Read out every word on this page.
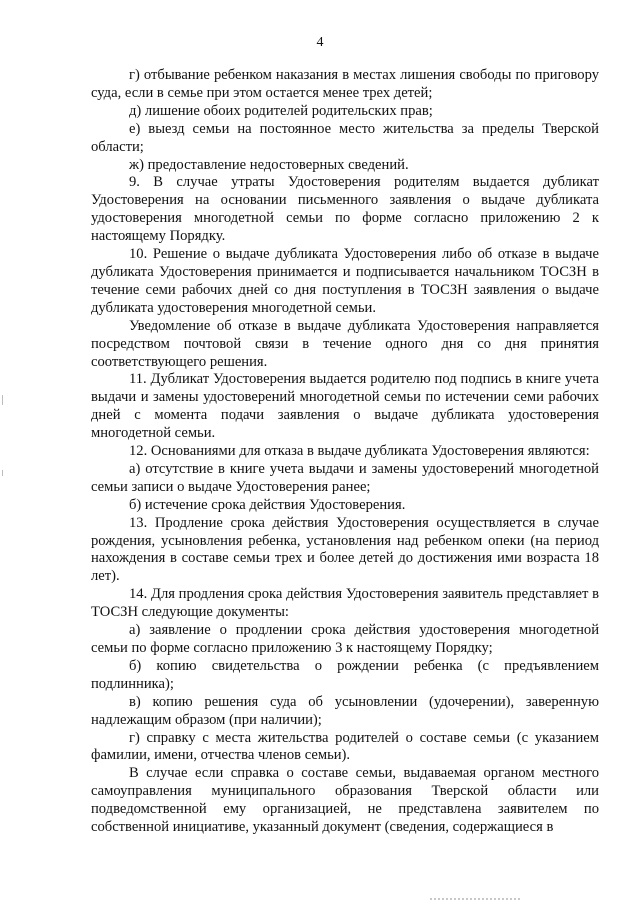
4

г) отбывание ребенком наказания в местах лишения свободы по приговору суда, если в семье при этом остается менее трех детей;

д) лишение обоих родителей родительских прав;

е) выезд семьи на постоянное место жительства за пределы Тверской области;

ж) предоставление недостоверных сведений.

9. В случае утраты Удостоверения родителям выдается дубликат Удостоверения на основании письменного заявления о выдаче дубликата удостоверения многодетной семьи по форме согласно приложению 2 к настоящему Порядку.

10. Решение о выдаче дубликата Удостоверения либо об отказе в выдаче дубликата Удостоверения принимается и подписывается начальником ТОСЗН в течение семи рабочих дней со дня поступления в ТОСЗН заявления о выдаче дубликата удостоверения многодетной семьи.

Уведомление об отказе в выдаче дубликата Удостоверения направляется посредством почтовой связи в течение одного дня со дня принятия соответствующего решения.

11. Дубликат Удостоверения выдается родителю под подпись в книге учета выдачи и замены удостоверений многодетной семьи по истечении семи рабочих дней с момента подачи заявления о выдаче дубликата удостоверения многодетной семьи.

12. Основаниями для отказа в выдаче дубликата Удостоверения являются:

а) отсутствие в книге учета выдачи и замены удостоверений многодетной семьи записи о выдаче Удостоверения ранее;

б) истечение срока действия Удостоверения.

13. Продление срока действия Удостоверения осуществляется в случае рождения, усыновления ребенка, установления над ребенком опеки (на период нахождения в составе семьи трех и более детей до достижения ими возраста 18 лет).

14. Для продления срока действия Удостоверения заявитель представляет в ТОСЗН следующие документы:

а) заявление о продлении срока действия удостоверения многодетной семьи по форме согласно приложению 3 к настоящему Порядку;

б) копию свидетельства о рождении ребенка (с предъявлением подлинника);

в) копию решения суда об усыновлении (удочерении), заверенную надлежащим образом (при наличии);

г) справку с места жительства родителей о составе семьи (с указанием фамилии, имени, отчества членов семьи).

В случае если справка о составе семьи, выдаваемая органом местного самоуправления муниципального образования Тверской области или подведомственной ему организацией, не представлена заявителем по собственной инициативе, указанный документ (сведения, содержащиеся в
